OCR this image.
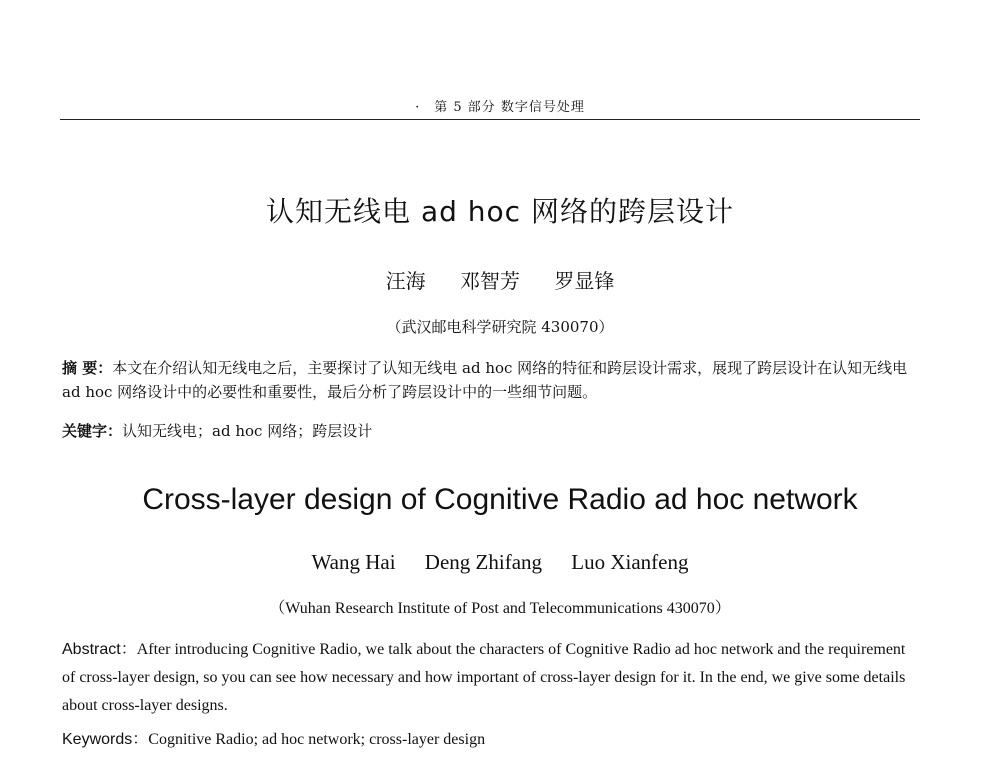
· 第 5 部分 数字信号处理
认知无线电 ad hoc 网络的跨层设计
汪海 邓智芳 罗显锋
（武汉邮电科学研究院 430070）
摘 要：本文在介绍认知无线电之后，主要探讨了认知无线电 ad hoc 网络的特征和跨层设计需求，展现了跨层设计在认知无线电 ad hoc 网络设计中的必要性和重要性，最后分析了跨层设计中的一些细节问题。
关键字：认知无线电；ad hoc 网络；跨层设计
Cross-layer design of Cognitive Radio ad hoc network
Wang Hai Deng Zhifang Luo Xianfeng
（Wuhan Research Institute of Post and Telecommunications 430070）
Abstract：After introducing Cognitive Radio, we talk about the characters of Cognitive Radio ad hoc network and the requirement of cross-layer design, so you can see how necessary and how important of cross-layer design for it. In the end, we give some details about cross-layer designs.
Keywords：Cognitive Radio; ad hoc network; cross-layer design
